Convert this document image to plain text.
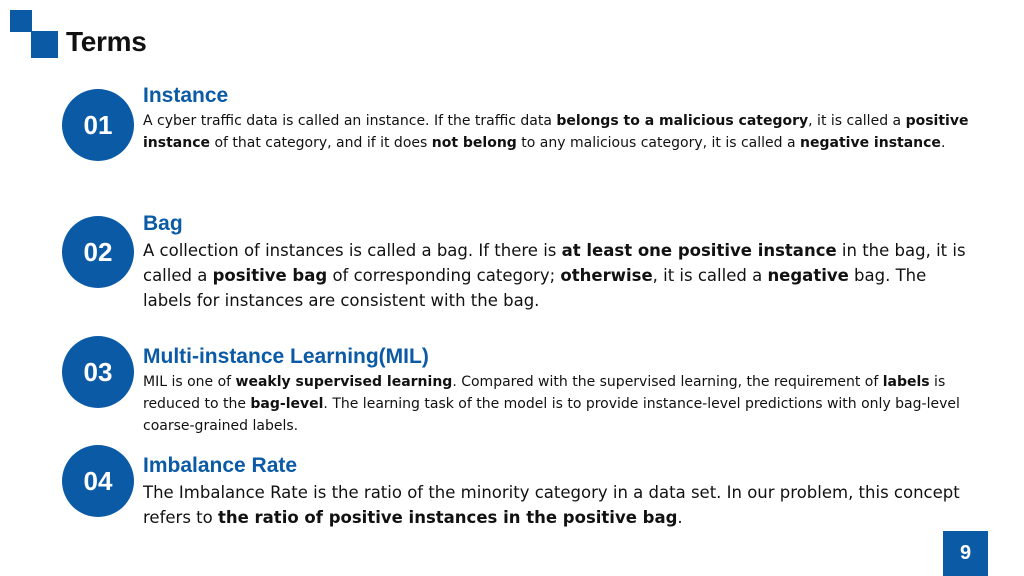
Terms
01
Instance

A cyber traffic data is called an instance. If the traffic data belongs to a malicious category, it is called a positive instance of that category, and if it does not belong to any malicious category, it is called a negative instance.

02
Bag

A collection of instances is called a bag. If there is at least one positive instance in the bag, it is called a positive bag of corresponding category; otherwise, it is called a negative bag. The labels for instances are consistent with the bag.

03	Multi-instance Learning(MIL)

MIL is one of weakly supervised learning. Compared with the supervised learning, the requirement of labels is reduced to the bag-level. The learning task of the model is to provide instance-level predictions with only bag-level coarse-grained labels.

04	Imbalance Rate

The Imbalance Rate is the ratio of the minority category in a data set. In our problem, this concept refers to the ratio of positive instances in the positive bag.

9
